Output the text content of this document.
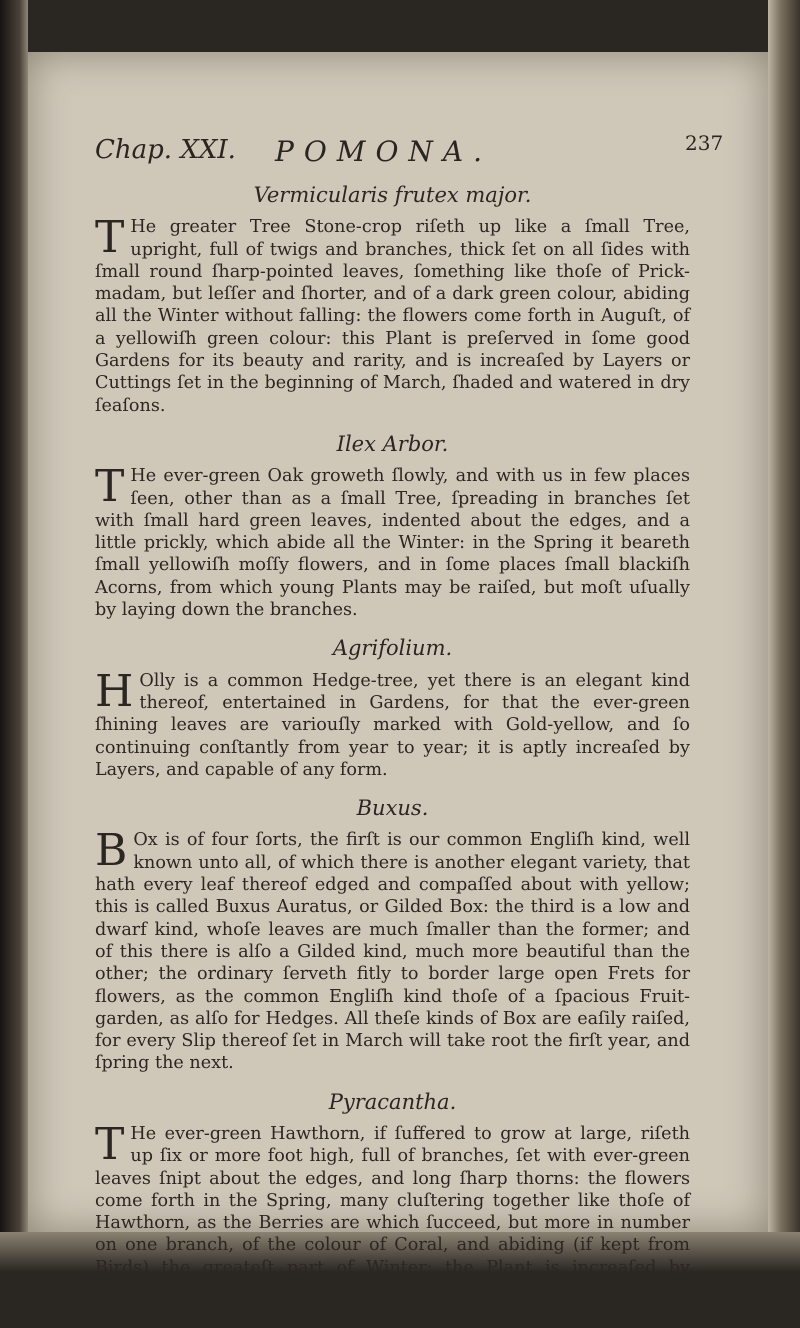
Chap. XXI. POMONA.	237
Vermicularis frutex major.

T He greater Tree Stone-crop riſeth up like a ſmall Tree, upright, full of twigs and branches, thick ſet on all ſides with ſmall round ſharp-pointed leaves, ſomething like thoſe of Prick-madam, but leſſer and ſhorter, and of a dark green colour, abiding all the Winter without falling: the flowers come forth in Auguſt, of a yellowiſh green colour: this Plant is preſerved in ſome good Gardens for its beauty and rarity, and is increaſed by Layers or Cuttings ſet in the beginning of March, ſhaded and watered in dry ſeaſons.

Ilex Arbor.

T He ever-green Oak groweth ſlowly, and with us in few places ſeen, other than as a ſmall Tree, ſpreading in branches ſet with ſmall hard green leaves, indented about the edges, and a little prickly, which abide all the Winter: in the Spring it beareth ſmall yellowiſh moſſy flowers, and in ſome places ſmall blackiſh Acorns, from which young Plants may be raiſed, but moſt uſually by laying down the branches.

Agrifolium.

H Olly is a common Hedge-tree, yet there is an elegant kind thereof, entertained in Gardens, for that the ever-green ſhining leaves are variouſly marked with Gold-yellow, and ſo continuing conſtantly from year to year; it is aptly increaſed by Layers, and capable of any form.

Buxus.

B Ox is of four ſorts, the firſt is our common Engliſh kind, well known unto all, of which there is another elegant variety, that hath every leaf thereof edged and compaſſed about with yellow; this is called Buxus Auratus, or Gilded Box: the third is a low and dwarf kind, whoſe leaves are much ſmaller than the former; and of this there is alſo a Gilded kind, much more beautiful than the other; the ordinary ſerveth fitly to border large open Frets for flowers, as the common Engliſh kind thoſe of a ſpacious Fruit-garden, as alſo for Hedges. All theſe kinds of Box are eaſily raiſed, for every Slip thereof ſet in March will take root the firſt year, and ſpring the next.

Pyracantha.

T He ever-green Hawthorn, if ſuffered to grow at large, riſeth up ſix or more foot high, full of branches, ſet with ever-green leaves ſnipt about the edges, and long ſharp thorns: the flowers come forth in the Spring, many cluſtering together like thoſe of Hawthorn, as the Berries are which ſucceed, but more in number on one branch, of the colour of Coral, and abiding (if kept from Birds) the greateſt part of Winter: the Plant is increaſed by Suckers, Layers, or by

ſowing
